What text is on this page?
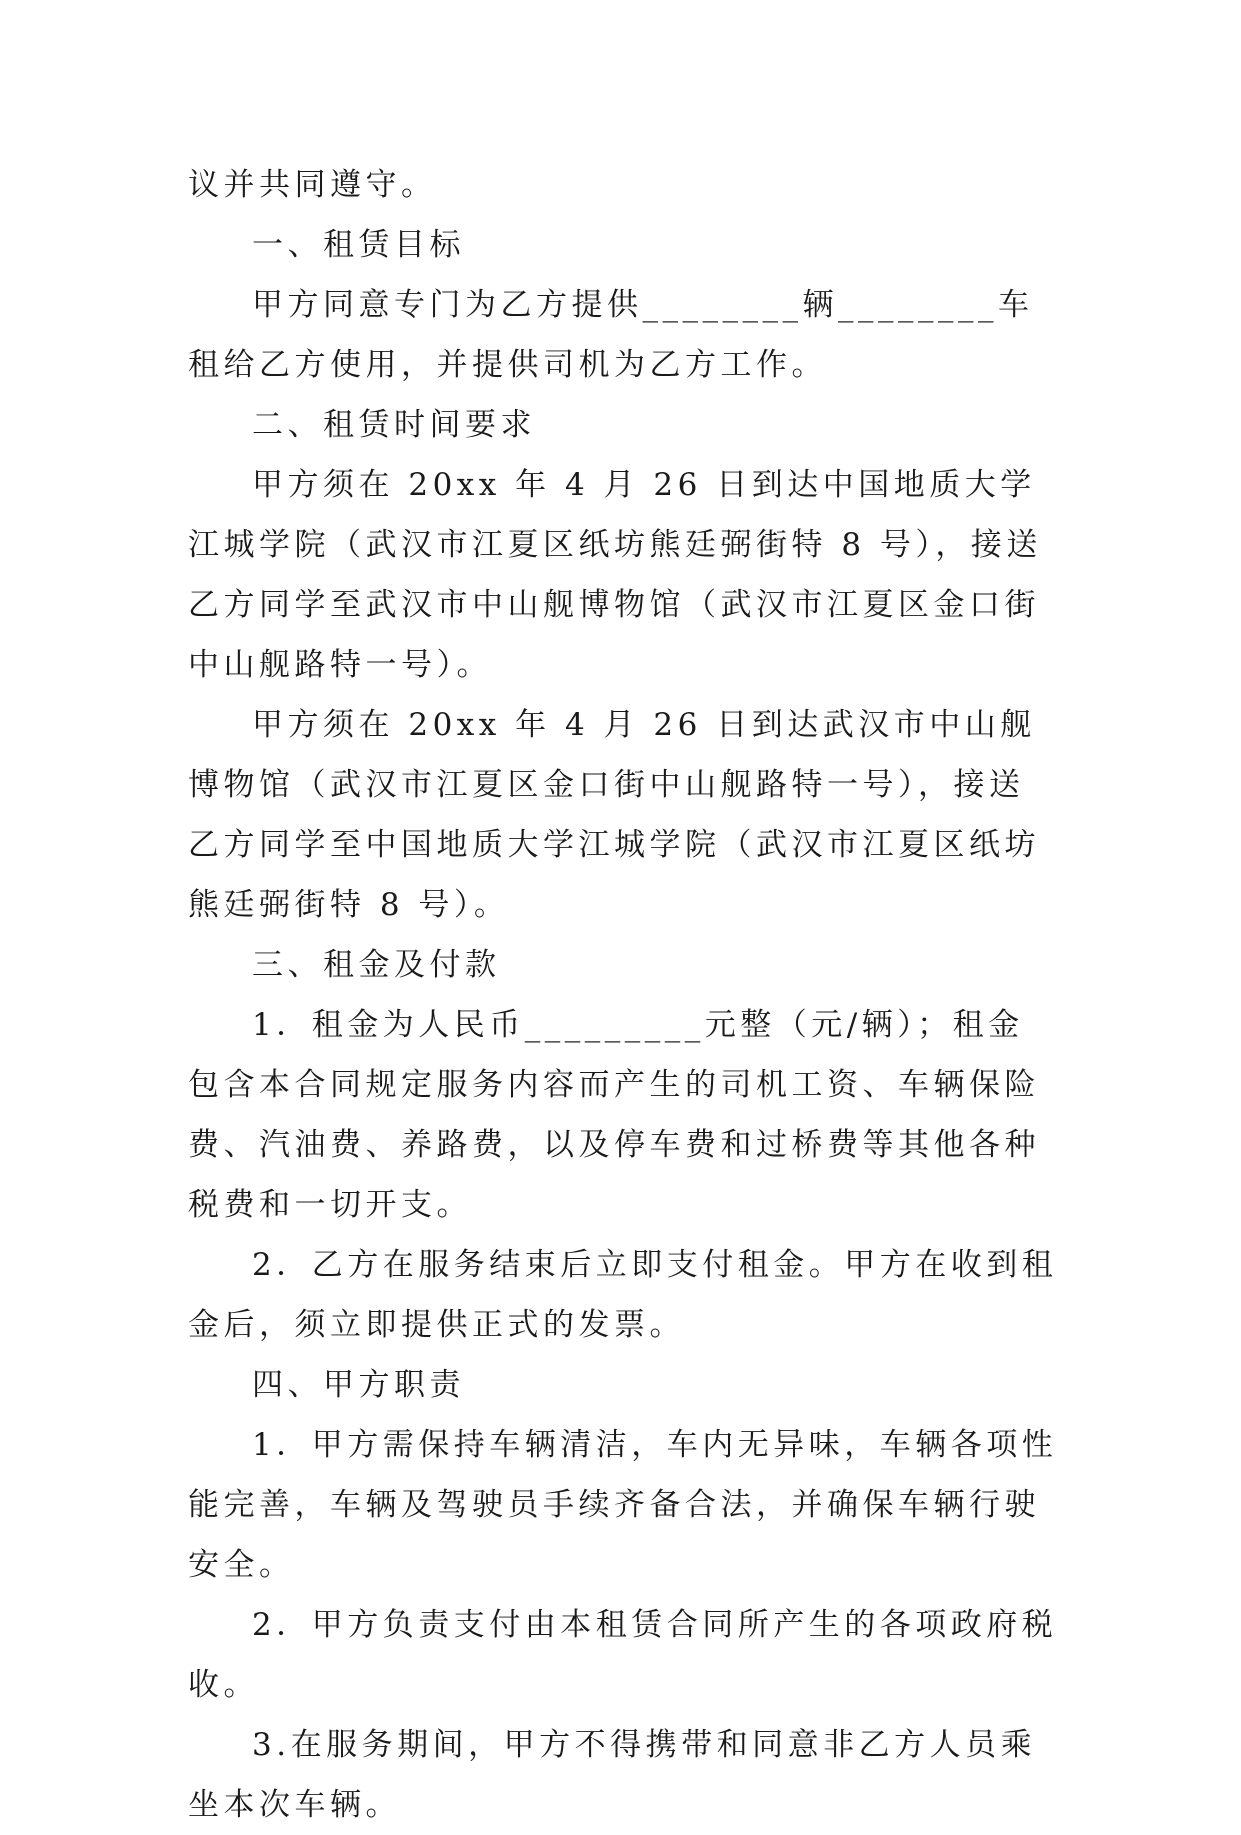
议并共同遵守。

一、租赁目标

甲方同意专门为乙方提供________辆________车租给乙方使用，并提供司机为乙方工作。

二、租赁时间要求

甲方须在 20xx 年 4 月 26 日到达中国地质大学江城学院（武汉市江夏区纸坊熊廷弼街特 8 号），接送乙方同学至武汉市中山舰博物馆（武汉市江夏区金口街中山舰路特一号）。

甲方须在 20xx 年 4 月 26 日到达武汉市中山舰博物馆（武汉市江夏区金口街中山舰路特一号），接送乙方同学至中国地质大学江城学院（武汉市江夏区纸坊熊廷弼街特 8 号）。

三、租金及付款

1．租金为人民币_________元整（元/辆）；租金包含本合同规定服务内容而产生的司机工资、车辆保险费、汽油费、养路费，以及停车费和过桥费等其他各种税费和一切开支。

2．乙方在服务结束后立即支付租金。甲方在收到租金后，须立即提供正式的发票。

四、甲方职责

1．甲方需保持车辆清洁，车内无异味，车辆各项性能完善，车辆及驾驶员手续齐备合法，并确保车辆行驶安全。

2．甲方负责支付由本租赁合同所产生的各项政府税收。

3.在服务期间，甲方不得携带和同意非乙方人员乘坐本次车辆。
